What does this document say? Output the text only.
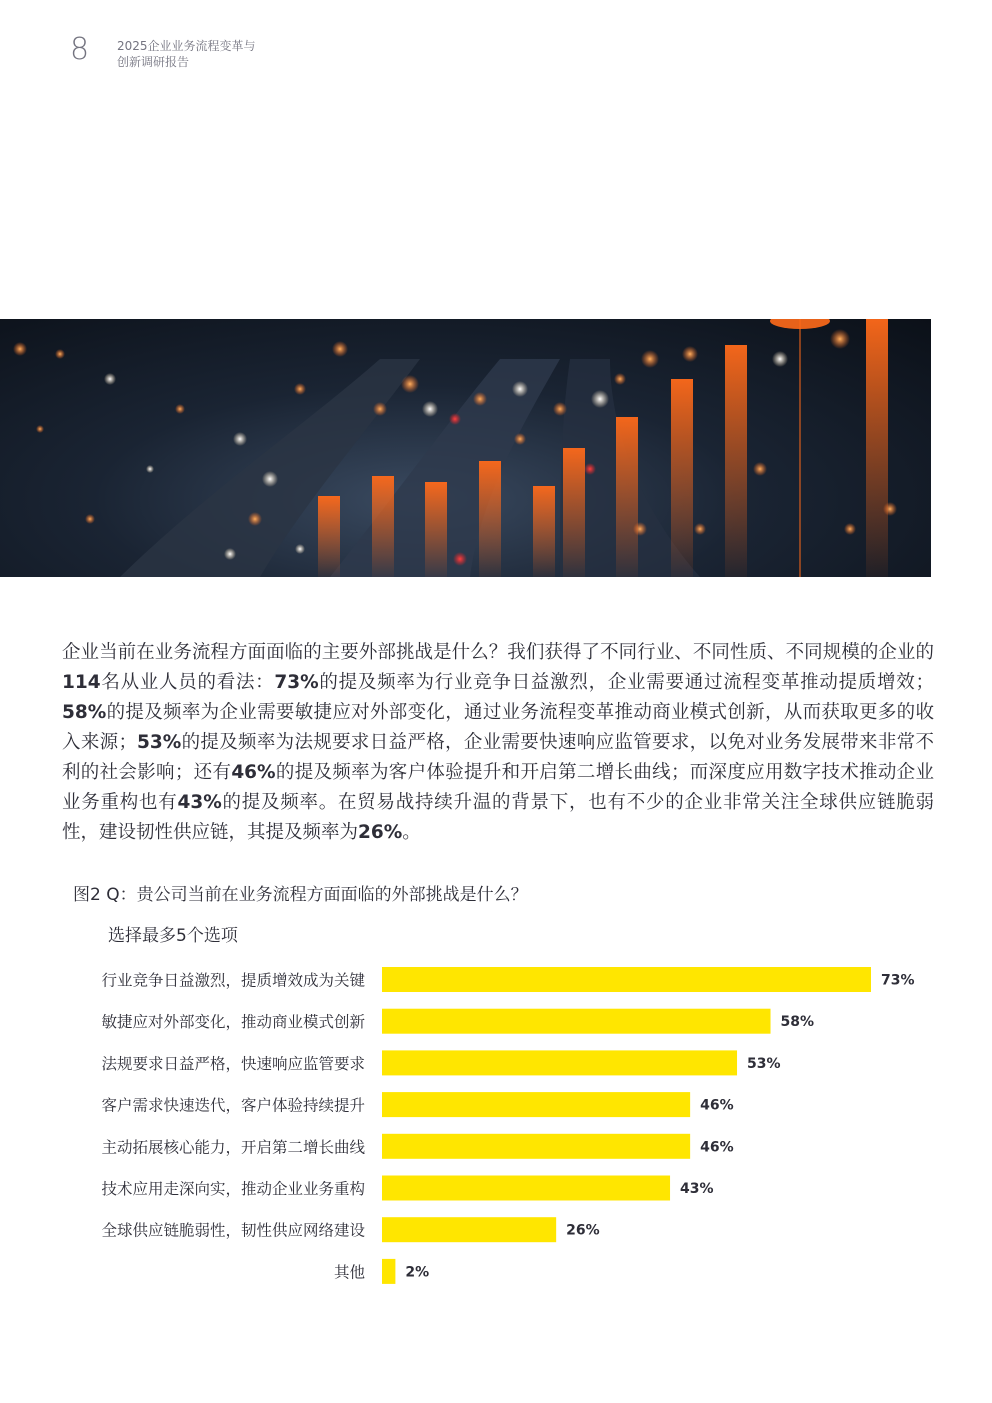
8 2025企业业务流程变革与
创新调研报告

企业当前在业务流程方面面临的主要外部挑战是什么？我们获得了不同行业、不同性质、不同规模的企业的114名从业人员的看法：73%的提及频率为行业竞争日益激烈，企业需要通过流程变革推动提质增效；58%的提及频率为企业需要敏捷应对外部变化，通过业务流程变革推动商业模式创新，从而获取更多的收入来源；53%的提及频率为法规要求日益严格，企业需要快速响应监管要求，以免对业务发展带来非常不利的社会影响；还有46%的提及频率为客户体验提升和开启第二增长曲线；而深度应用数字技术推动企业业务重构也有43%的提及频率。在贸易战持续升温的背景下，也有不少的企业非常关注全球供应链脆弱性，建设韧性供应链，其提及频率为26%。

图2 Q：贵公司当前在业务流程方面面临的外部挑战是什么？
选择最多5个选项
行业竞争日益激烈，提质增效成为关键	73%
敏捷应对外部变化，推动商业模式创新	58%
法规要求日益严格，快速响应监管要求	53%
客户需求快速迭代，客户体验持续提升	46%
主动拓展核心能力，开启第二增长曲线	46%
技术应用走深向实，推动企业业务重构	43%
全球供应链脆弱性，韧性供应网络建设	26%
其他	2%
